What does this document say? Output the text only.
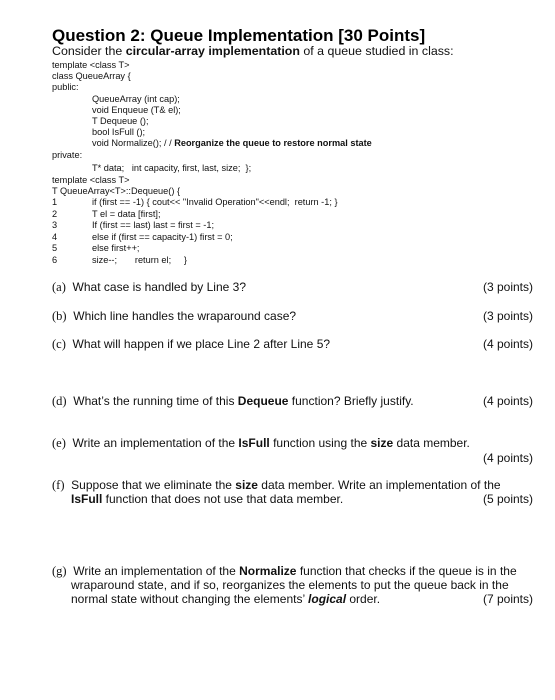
Question 2: Queue Implementation [30 Points]
Consider the circular-array implementation of a queue studied in class:
template <class T>
class QueueArray {
public:
QueueArray (int cap);
void Enqueue (T& el);
T Dequeue ();
bool IsFull ();
void Normalize(); / / Reorganize the queue to restore normal state
private:
T* data;   int capacity, first, last, size;  };
template <class T>
T QueueArray<T>::Dequeue() {
1	if (first == -1) { cout<< "Invalid Operation"<<endl;  return -1; }
2	T el = data [first];
3	If (first == last) last = first = -1;
4	else if (first == capacity-1) first = 0;
5	else first++;
6	size--;       return el;     }
(a) What case is handled by Line 3?	(3 points)
(b) Which line handles the wraparound case?	(3 points)
(c) What will happen if we place Line 2 after Line 5?	(4 points)
(d) What’s the running time of this Dequeue function? Briefly justify.	(4 points)
(e) Write an implementation of the IsFull function using the size data member.
(4 points)
(f) Suppose that we eliminate the size data member. Write an implementation of the
IsFull function that does not use that data member.	(5 points)
(g) Write an implementation of the Normalize function that checks if the queue is in the
wraparound state, and if so, reorganizes the elements to put the queue back in the
normal state without changing the elements’ logical order.	(7 points)
